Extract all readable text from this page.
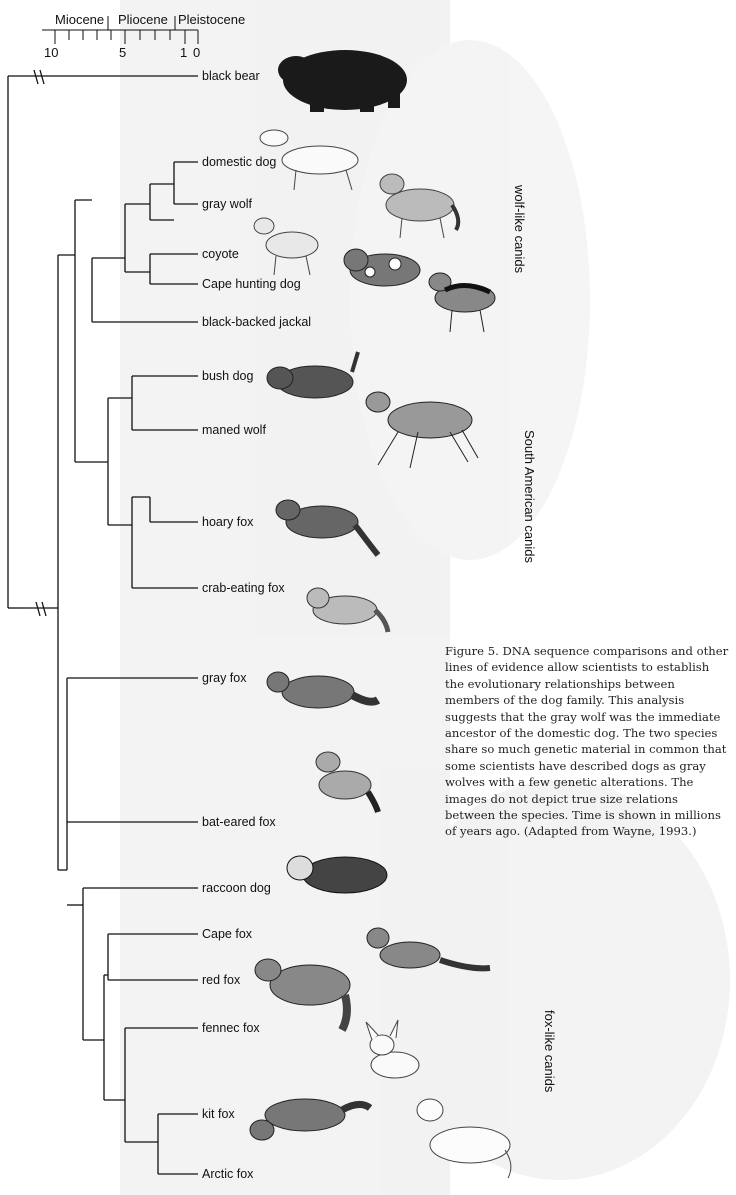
Miocene Pliocene Pleistocene
10	5	1 0
black bear
domestic dog
gray wolf
coyote
Cape hunting dog
black-backed jackal
bush dog
maned wolf
hoary fox
crab-eating fox
gray fox
bat-eared fox
raccoon dog
Cape fox
red fox
fennec fox
kit fox
Arctic fox
wolf-like canids
South American canids
fox-like canids
Figure 5. DNA sequence comparisons and other lines of evidence allow scientists to establish the evolutionary relationships between members of the dog family. This analysis suggests that the gray wolf was the immediate ancestor of the domestic dog. The two species share so much genetic material in common that some scientists have described dogs as gray wolves with a few genetic alterations. The images do not depict true size relations between the species. Time is shown in millions of years ago. (Adapted from Wayne, 1993.)
